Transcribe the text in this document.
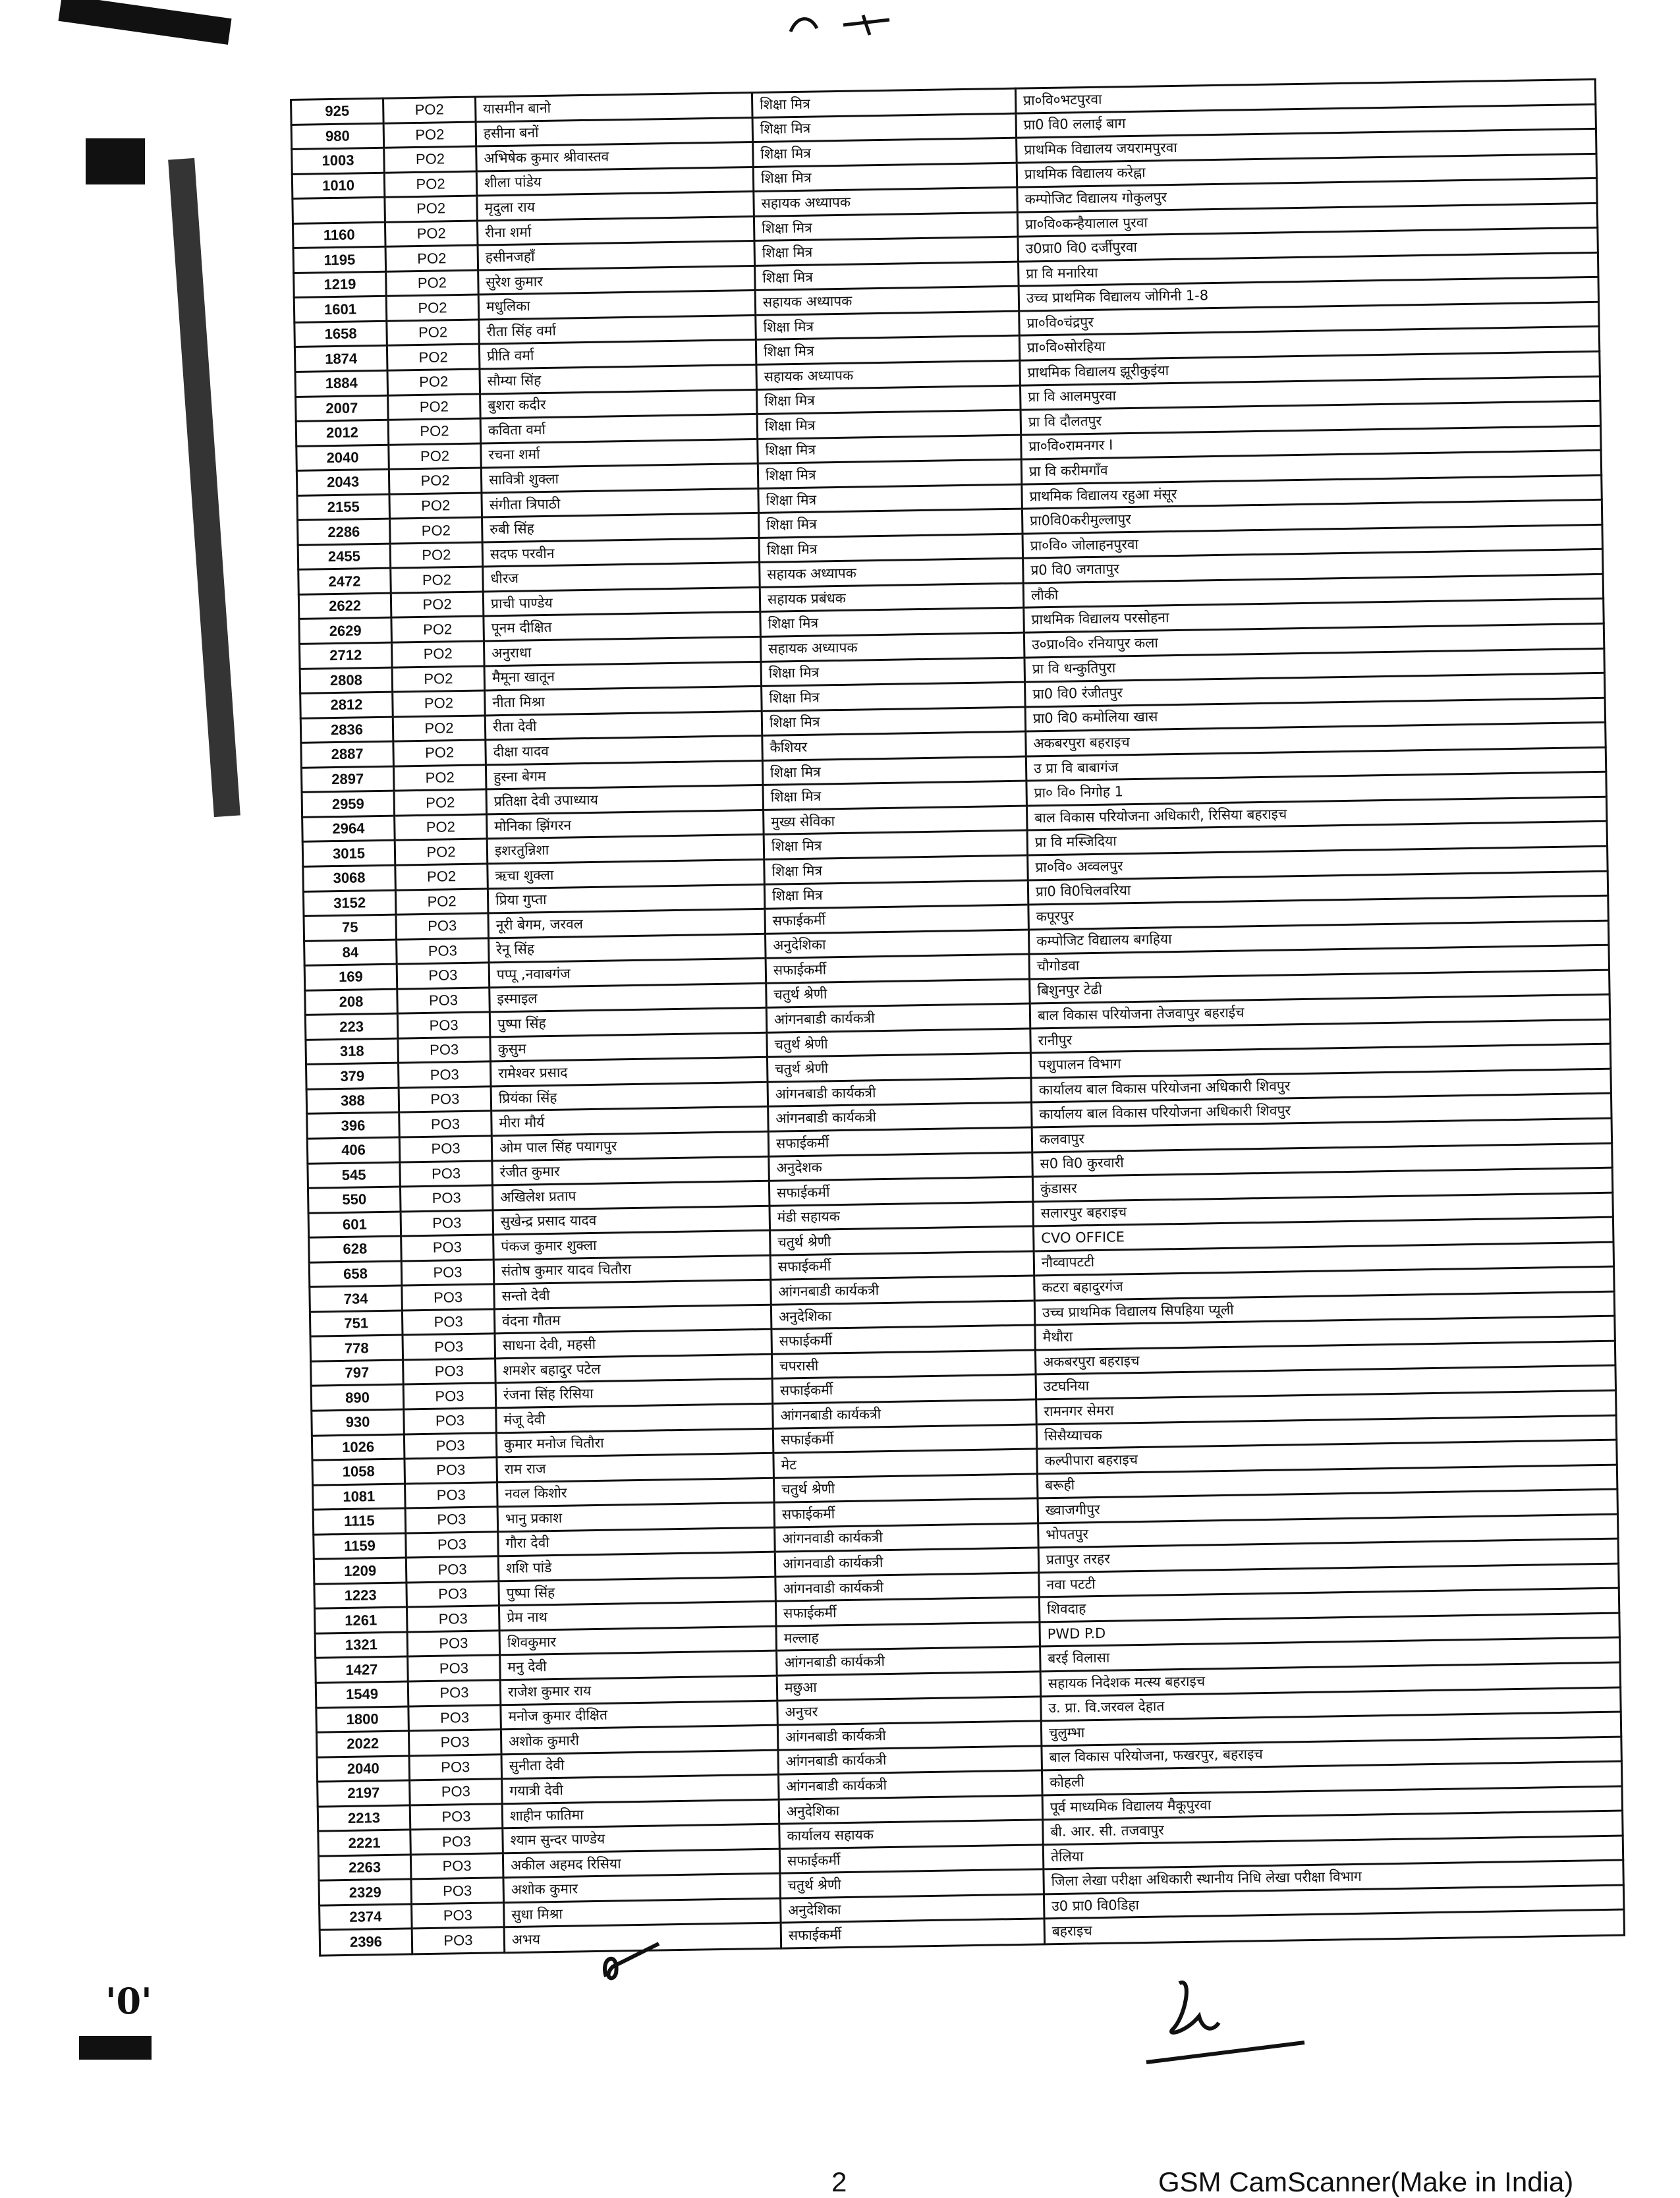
925	PO2	यासमीन बानो	शिक्षा मित्र	प्रा०वि०भटपुरवा
980	PO2	हसीना बनों	शिक्षा मित्र	प्रा0 वि0 ललाई बाग
1003	PO2	अभिषेक कुमार श्रीवास्तव	शिक्षा मित्र	प्राथमिक विद्यालय जयरामपुरवा
1010	PO2	शीला पांडेय	शिक्षा मित्र	प्राथमिक विद्यालय करेह्ना
	PO2	मृदुला राय	सहायक अध्यापक	कम्पोजिट विद्यालय गोकुलपुर
1160	PO2	रीना शर्मा	शिक्षा मित्र	प्रा०वि०कन्हैयालाल पुरवा
1195	PO2	हसीनजहाँ	शिक्षा मित्र	उ0प्रा0 वि0 दर्जीपुरवा
1219	PO2	सुरेश कुमार	शिक्षा मित्र	प्रा वि मनारिया
1601	PO2	मधुलिका	सहायक अध्यापक	उच्च प्राथमिक विद्यालय जोगिनी 1-8
1658	PO2	रीता सिंह वर्मा	शिक्षा मित्र	प्रा०वि०चंद्रपुर
1874	PO2	प्रीति वर्मा	शिक्षा मित्र	प्रा०वि०सोरहिया
1884	PO2	सौम्या सिंह	सहायक अध्यापक	प्राथमिक विद्यालय झूरीकुइंया
2007	PO2	बुशरा कदीर	शिक्षा मित्र	प्रा वि आलमपुरवा
2012	PO2	कविता वर्मा	शिक्षा मित्र	प्रा वि दौलतपुर
2040	PO2	रचना शर्मा	शिक्षा मित्र	प्रा०वि०रामनगर I
2043	PO2	सावित्री शुक्ला	शिक्षा मित्र	प्रा वि करीमगाँव
2155	PO2	संगीता त्रिपाठी	शिक्षा मित्र	प्राथमिक विद्यालय रहुआ मंसूर
2286	PO2	रुबी सिंह	शिक्षा मित्र	प्रा0वि0करीमुल्लापुर
2455	PO2	सदफ परवीन	शिक्षा मित्र	प्रा०वि० जोलाहनपुरवा
2472	PO2	धीरज	सहायक अध्यापक	प्र0 वि0 जगतापुर
2622	PO2	प्राची पाण्डेय	सहायक प्रबंधक	लौकी
2629	PO2	पूनम दीक्षित	शिक्षा मित्र	प्राथमिक विद्यालय परसोहना
2712	PO2	अनुराधा	सहायक अध्यापक	उ०प्रा०वि० रनियापुर कला
2808	PO2	मैमूना खातून	शिक्षा मित्र	प्रा वि धन्कुतिपुरा
2812	PO2	नीता मिश्रा	शिक्षा मित्र	प्रा0 वि0 रंजीतपुर
2836	PO2	रीता देवी	शिक्षा मित्र	प्रा0 वि0 कमोलिया खास
2887	PO2	दीक्षा यादव	कैशियर	अकबरपुरा बहराइच
2897	PO2	हुस्ना बेगम	शिक्षा मित्र	उ प्रा वि बाबागंज
2959	PO2	प्रतिक्षा देवी उपाध्याय	शिक्षा मित्र	प्रा० वि० निगोह 1
2964	PO2	मोनिका झिंगरन	मुख्य सेविका	बाल विकास परियोजना अधिकारी, रिसिया बहराइच
3015	PO2	इशरतुन्निशा	शिक्षा मित्र	प्रा वि मस्जिदिया
3068	PO2	ऋचा शुक्ला	शिक्षा मित्र	प्रा०वि० अव्वलपुर
3152	PO2	प्रिया गुप्ता	शिक्षा मित्र	प्रा0 वि0चिलवरिया
75	PO3	नूरी बेगम, जरवल	सफाईकर्मी	कपूरपुर
84	PO3	रेनू सिंह	अनुदेशिका	कम्पोजिट विद्यालय बगहिया
169	PO3	पप्पू ,नवाबगंज	सफाईकर्मी	चौगोडवा
208	PO3	इस्माइल	चतुर्थ श्रेणी	बिशुनपुर टेढी
223	PO3	पुष्पा सिंह	आंगनबाडी कार्यकत्री	बाल विकास परियोजना तेजवापुर बहराईच
318	PO3	कुसुम	चतुर्थ श्रेणी	रानीपुर
379	PO3	रामेश्वर प्रसाद	चतुर्थ श्रेणी	पशुपालन विभाग
388	PO3	प्रियंका सिंह	आंगनबाडी कार्यकत्री	कार्यालय बाल विकास परियोजना अधिकारी शिवपुर
396	PO3	मीरा मौर्य	आंगनबाडी कार्यकत्री	कार्यालय बाल विकास परियोजना अधिकारी शिवपुर
406	PO3	ओम पाल सिंह पयागपुर	सफाईकर्मी	कलवापुर
545	PO3	रंजीत कुमार	अनुदेशक	स0 वि0 कुरवारी
550	PO3	अखिलेश प्रताप	सफाईकर्मी	कुंडासर
601	PO3	सुखेन्द्र प्रसाद यादव	मंडी सहायक	सलारपुर बहराइच
628	PO3	पंकज कुमार शुक्ला	चतुर्थ श्रेणी	CVO OFFICE
658	PO3	संतोष कुमार यादव चितौरा	सफाईकर्मी	नौव्वापटटी
734	PO3	सन्तो देवी	आंगनबाडी कार्यकत्री	कटरा बहादुरगंज
751	PO3	वंदना गौतम	अनुदेशिका	उच्च प्राथमिक विद्यालय सिपहिया प्यूली
778	PO3	साधना देवी, महसी	सफाईकर्मी	मैथौरा
797	PO3	शमशेर बहादुर पटेल	चपरासी	अकबरपुरा बहराइच
890	PO3	रंजना सिंह रिसिया	सफाईकर्मी	उटघनिया
930	PO3	मंजू देवी	आंगनबाडी कार्यकत्री	रामनगर सेमरा
1026	PO3	कुमार मनोज चितौरा	सफाईकर्मी	सिसैय्याचक
1058	PO3	राम राज	मेट	कल्पीपारा बहराइच
1081	PO3	नवल किशोर	चतुर्थ श्रेणी	बरूही
1115	PO3	भानु प्रकाश	सफाईकर्मी	ख्वाजगीपुर
1159	PO3	गौरा देवी	आंगनवाडी कार्यकत्री	भोपतपुर
1209	PO3	शशि पांडे	आंगनवाडी कार्यकत्री	प्रतापुर तरहर
1223	PO3	पुष्पा सिंह	आंगनवाडी कार्यकत्री	नवा पटटी
1261	PO3	प्रेम नाथ	सफाईकर्मी	शिवदाह
1321	PO3	शिवकुमार	मल्लाह	PWD P.D
1427	PO3	मनु देवी	आंगनबाडी कार्यकत्री	बरई विलासा
1549	PO3	राजेश कुमार राय	मछुआ	सहायक निदेशक मत्स्य बहराइच
1800	PO3	मनोज कुमार दीक्षित	अनुचर	उ. प्रा. वि.जरवल देहात
2022	PO3	अशोक कुमारी	आंगनबाडी कार्यकत्री	चुलुम्भा
2040	PO3	सुनीता देवी	आंगनबाडी कार्यकत्री	बाल विकास परियोजना, फखरपुर, बहराइच
2197	PO3	गयात्री देवी	आंगनबाडी कार्यकत्री	कोहली
2213	PO3	शाहीन फातिमा	अनुदेशिका	पूर्व माध्यमिक विद्यालय मैकूपुरवा
2221	PO3	श्याम सुन्दर पाण्डेय	कार्यालय सहायक	बी. आर. सी. तजवापुर
2263	PO3	अकील अहमद रिसिया	सफाईकर्मी	तेलिया
2329	PO3	अशोक कुमार	चतुर्थ श्रेणी	जिला लेखा परीक्षा अधिकारी स्थानीय निधि लेखा परीक्षा विभाग
2374	PO3	सुधा मिश्रा	अनुदेशिका	उ0 प्रा0 वि0डिहा
2396	PO3	अभय	सफाईकर्मी	बहराइच
'0'
2	GSM CamScanner(Make in India)
